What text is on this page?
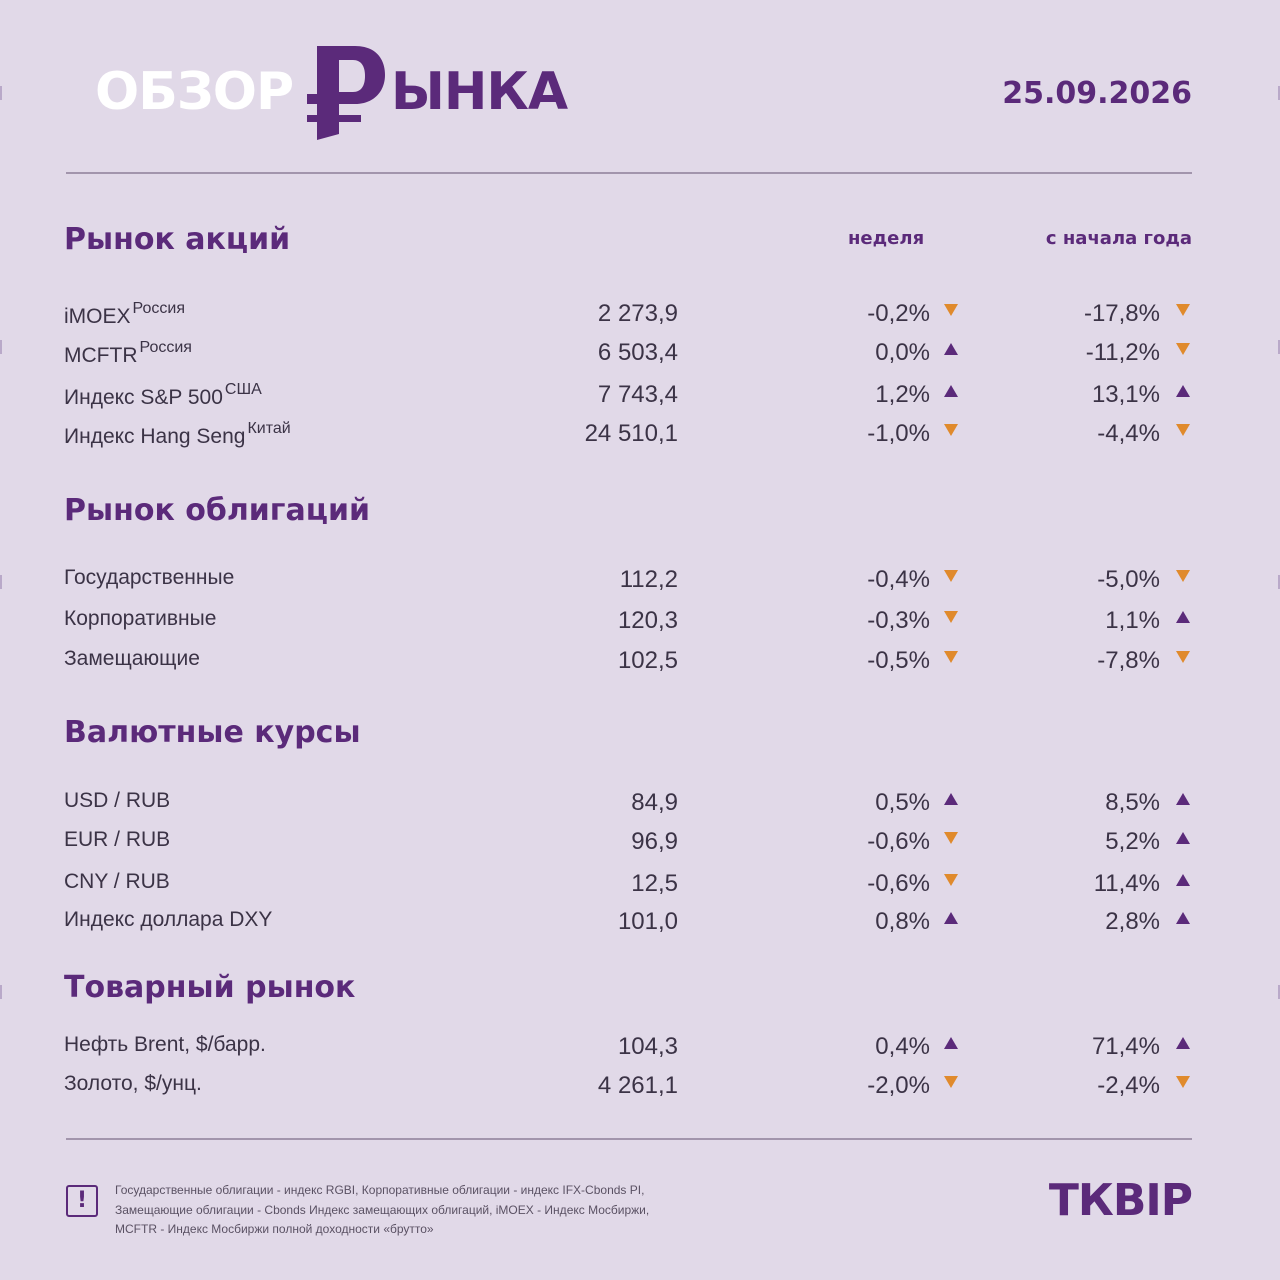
ОБЗОР ЫНКА	25.09.2026
неделя	с начала года
Рынок акций
iMOEX $^{Россия}$	2 273,9	-0,2%	-17,8%
MCFTR $^{Россия}$	6 503,4	0,0%	-11,2%
Индекс S&P 500 $^{США}$	7 743,4	1,2%	13,1%
Индекс Hang Seng $^{Китай}$	24 510,1	-1,0%	-4,4%
Рынок облигаций
Государственные	112,2	-0,4%	-5,0%
Корпоративные	120,3	-0,3%	1,1%
Замещающие	102,5	-0,5%	-7,8%
Валютные курсы
USD / RUB	84,9	0,5%	8,5%
EUR / RUB	96,9	-0,6%	5,2%
CNY / RUB	12,5	-0,6%	11,4%
Индекс доллара DXY	101,0	0,8%	2,8%
Товарный рынок
Нефть Brent, $/барр.	104,3	0,4%	71,4%
Золото, $/унц.	4 261,1	-2,0%	-2,4%
!	Государственные облигации - индекс RGBI, Корпоративные облигации - индекс IFX-Cbonds PI,
Замещающие облигации - Cbonds Индекс замещающих облигаций, iMOEX - Индекс Мосбиржи,
MCFTR - Индекс Мосбиржи полной доходности «брутто»
ТКВIР
